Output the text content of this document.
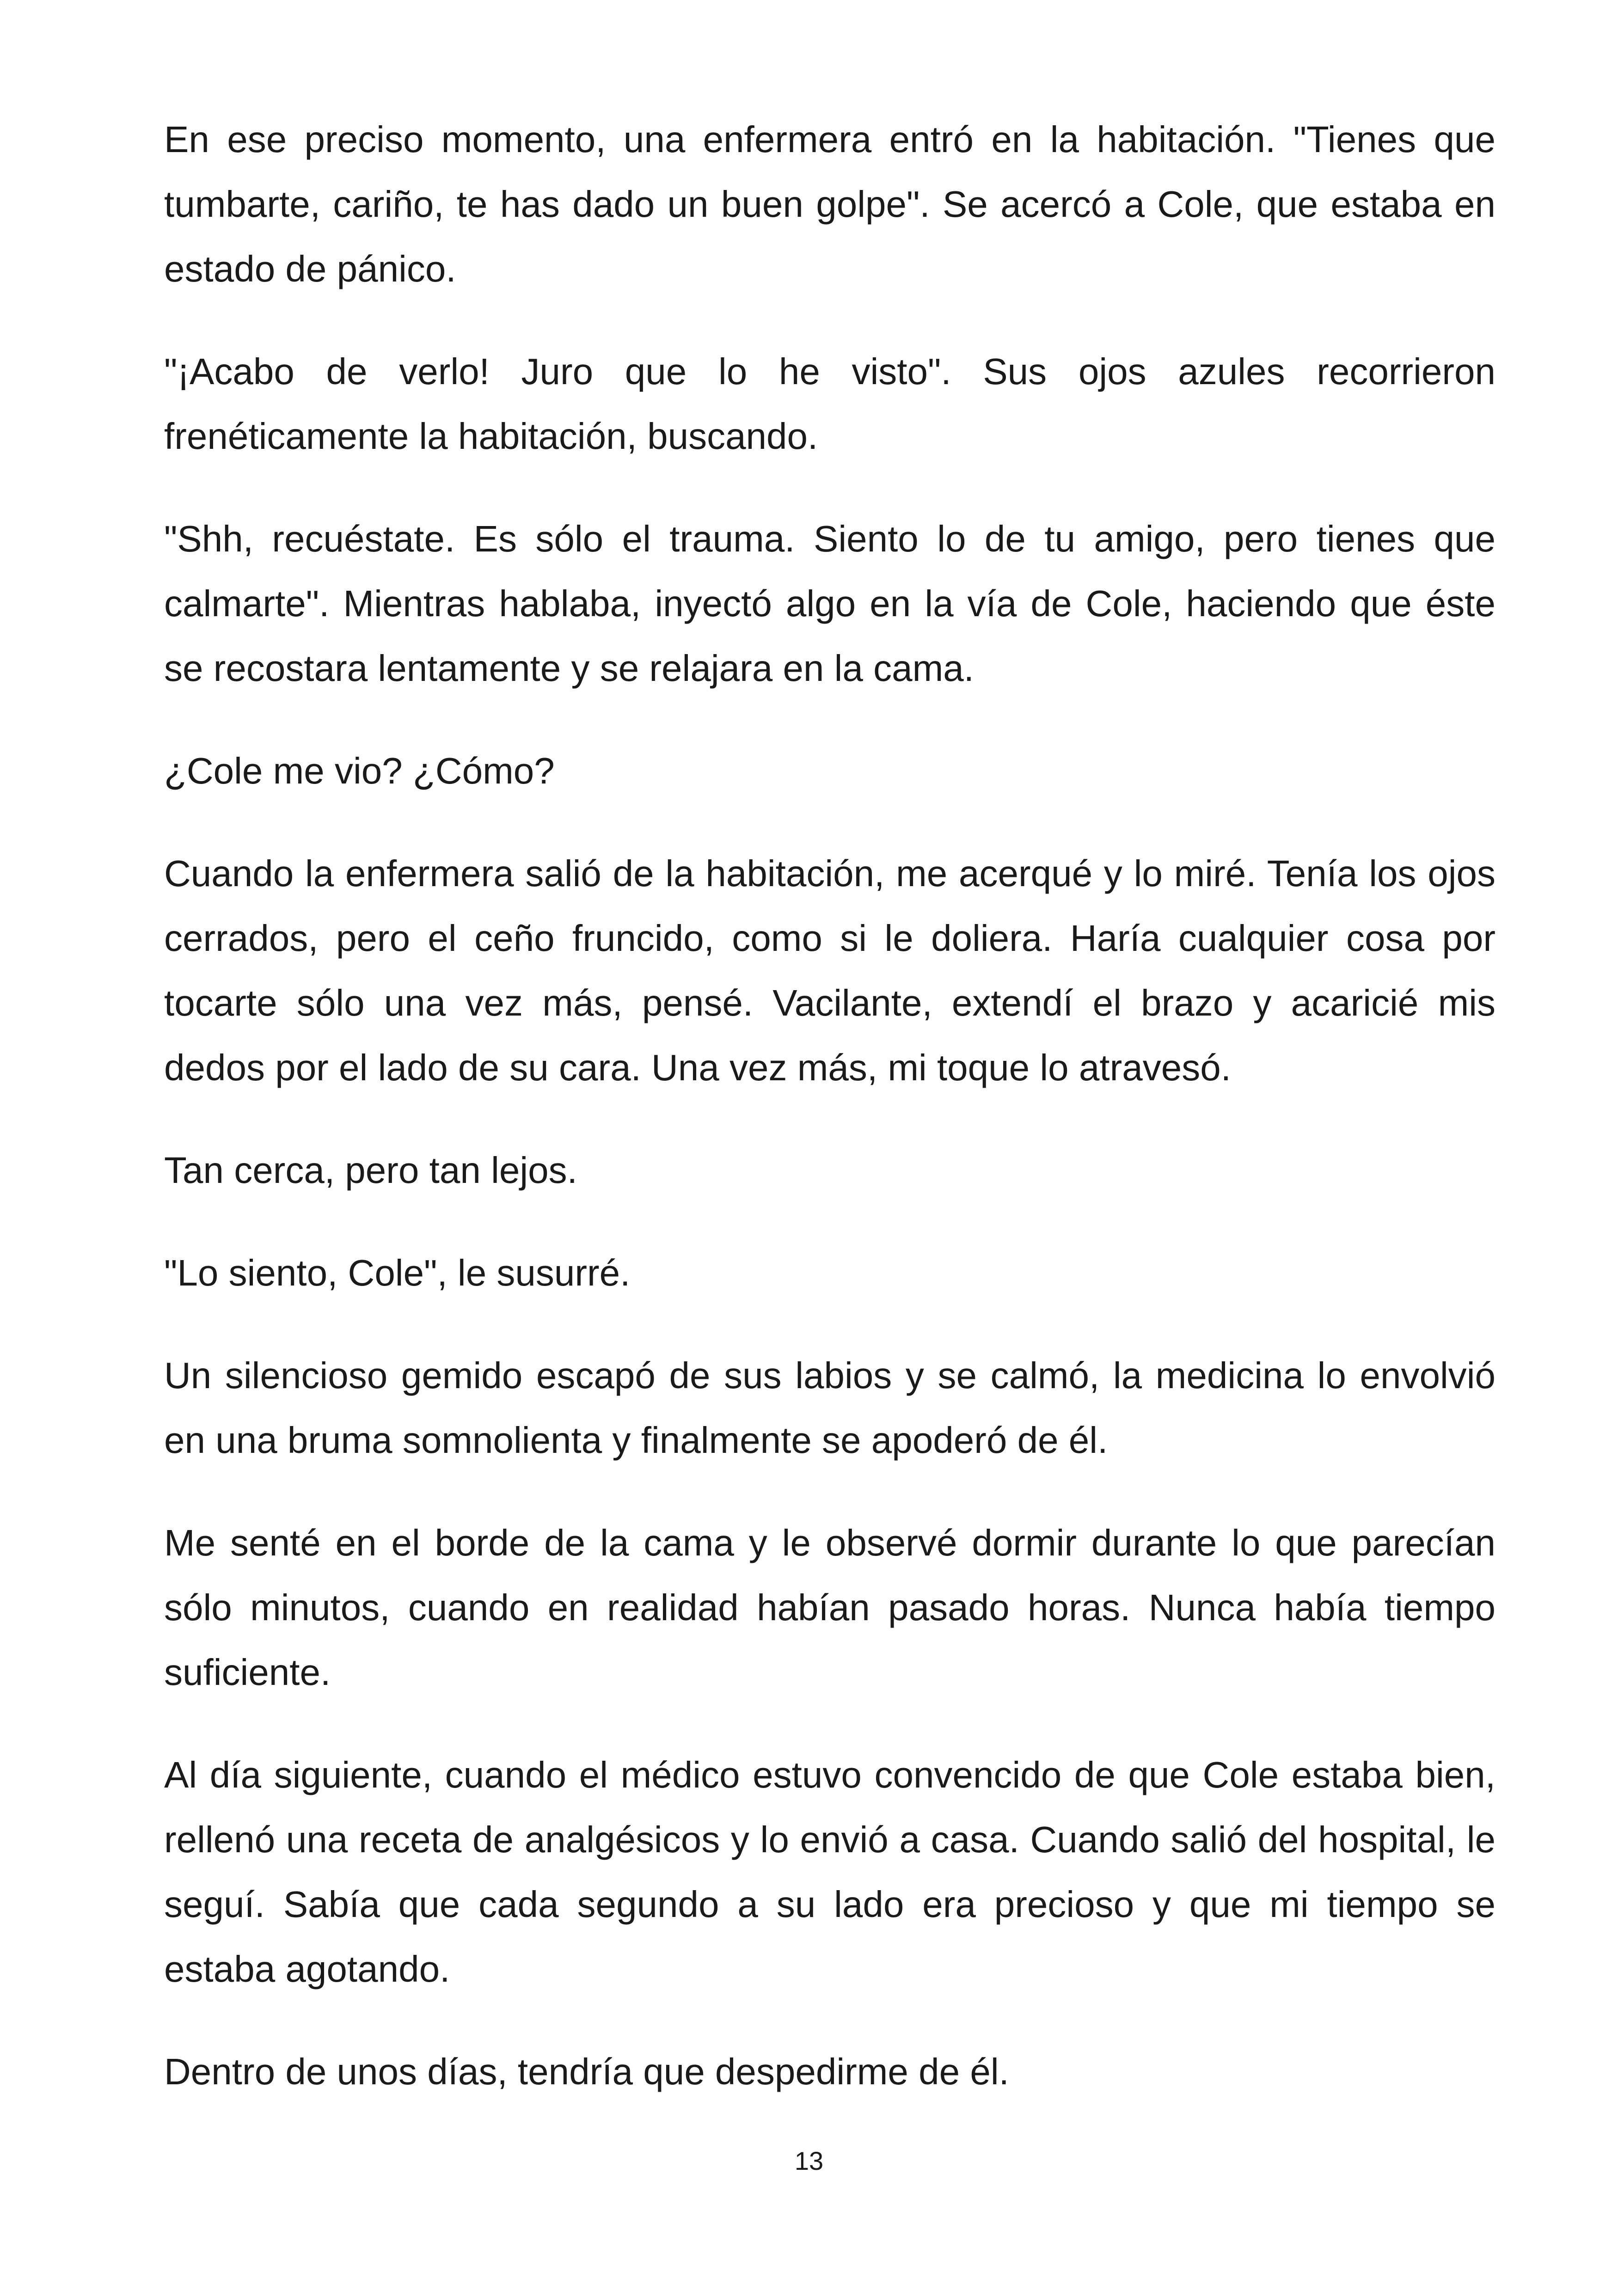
En ese preciso momento, una enfermera entró en la habitación. "Tienes que tumbarte, cariño, te has dado un buen golpe". Se acercó a Cole, que estaba en estado de pánico.

"¡Acabo de verlo! Juro que lo he visto". Sus ojos azules recorrieron frenéticamente la habitación, buscando.

"Shh, recuéstate. Es sólo el trauma. Siento lo de tu amigo, pero tienes que calmarte". Mientras hablaba, inyectó algo en la vía de Cole, haciendo que éste se recostara lentamente y se relajara en la cama.

¿Cole me vio? ¿Cómo?

Cuando la enfermera salió de la habitación, me acerqué y lo miré. Tenía los ojos cerrados, pero el ceño fruncido, como si le doliera. Haría cualquier cosa por tocarte sólo una vez más, pensé. Vacilante, extendí el brazo y acaricié mis dedos por el lado de su cara. Una vez más, mi toque lo atravesó.

Tan cerca, pero tan lejos.

"Lo siento, Cole", le susurré.

Un silencioso gemido escapó de sus labios y se calmó, la medicina lo envolvió en una bruma somnolienta y finalmente se apoderó de él.

Me senté en el borde de la cama y le observé dormir durante lo que parecían sólo minutos, cuando en realidad habían pasado horas. Nunca había tiempo suficiente.

Al día siguiente, cuando el médico estuvo convencido de que Cole estaba bien, rellenó una receta de analgésicos y lo envió a casa. Cuando salió del hospital, le seguí. Sabía que cada segundo a su lado era precioso y que mi tiempo se estaba agotando.

Dentro de unos días, tendría que despedirme de él.

13
